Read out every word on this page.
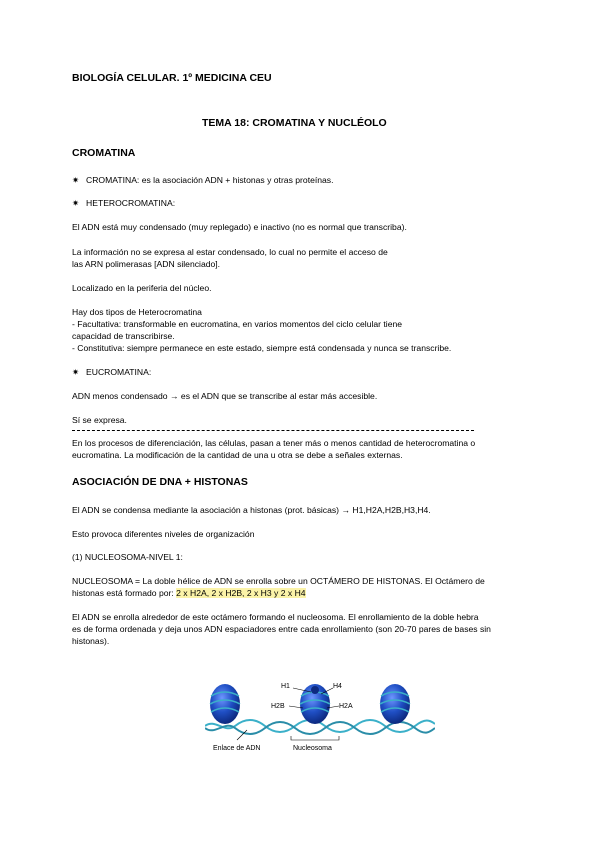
BIOLOGÍA CELULAR. 1º MEDICINA CEU
TEMA 18: CROMATINA Y NUCLÉOLO
CROMATINA
✷ CROMATINA: es la asociación ADN + histonas y otras proteínas.
✷ HETEROCROMATINA:
El ADN está muy condensado (muy replegado) e inactivo (no es normal que transcriba).
La información no se expresa al estar condensado, lo cual no permite el acceso de
las ARN polimerasas [ADN silenciado].
Localizado en la periferia del núcleo.
Hay dos tipos de Heterocromatina
- Facultativa: transformable en eucromatina, en varios momentos del ciclo celular tiene
capacidad de transcribirse.
- Constitutiva: siempre permanece en este estado, siempre está condensada y nunca se transcribe.
✷ EUCROMATINA:
ADN menos condensado → es el ADN que se transcribe al estar más accesible.
Sí se expresa.
En los procesos de diferenciación, las células, pasan a tener más o menos cantidad de heterocromatina o
eucromatina. La modificación de la cantidad de una u otra se debe a señales externas.
ASOCIACIÓN DE DNA + HISTONAS
El ADN se condensa mediante la asociación a histonas (prot. básicas) → H1,H2A,H2B,H3,H4.
Esto provoca diferentes niveles de organización
(1) NUCLEOSOMA-NIVEL 1:
NUCLEOSOMA = La doble hélice de ADN se enrolla sobre un OCTÁMERO DE HISTONAS. El Octámero de
histonas está formado por: 2 x H2A, 2 x H2B, 2 x H3 y 2 x H4
El ADN se enrolla alrededor de este octámero formando el nucleosoma. El enrollamiento de la doble hebra
es de forma ordenada y deja unos ADN espaciadores entre cada enrollamiento (son 20-70 pares de bases sin
histonas).
H1	H4
H2B	H2A
Enlace de ADN	Nucleosoma
